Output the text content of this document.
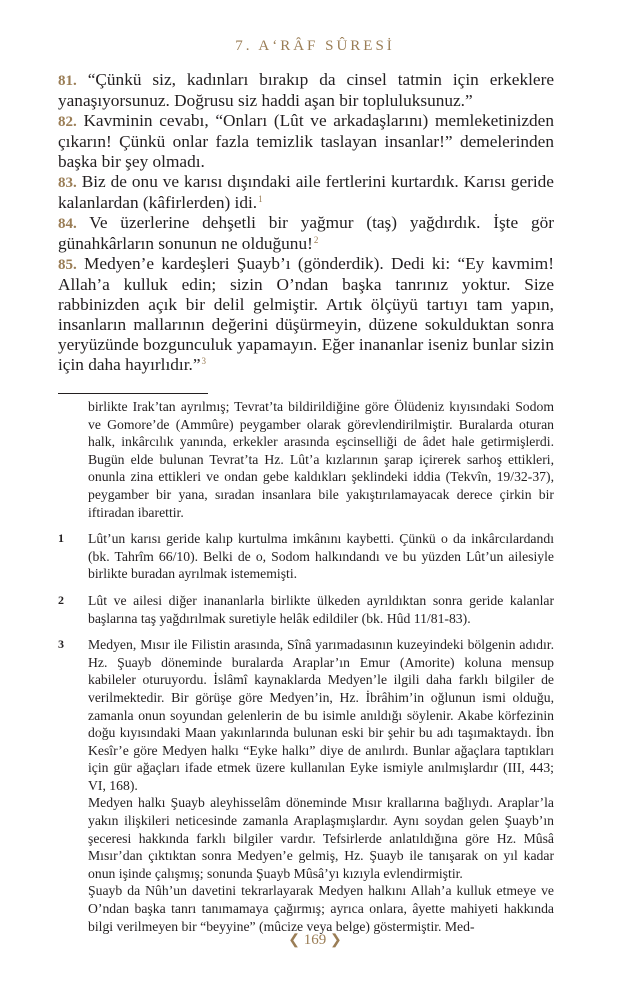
7. A‘RÂF SÛRESİ

81. “Çünkü siz, kadınları bırakıp da cinsel tatmin için erkeklere yanaşıyorsunuz. Doğrusu siz haddi aşan bir topluluksunuz.”

82. Kavminin cevabı, “Onları (Lût ve arkadaşlarını) memleketinizden çıkarın! Çünkü onlar fazla temizlik taslayan insanlar!” demelerinden başka bir şey olmadı.

83. Biz de onu ve karısı dışındaki aile fertlerini kurtardık. Karısı geride kalanlardan (kâfirlerden) idi.$^1$

84. Ve üzerlerine dehşetli bir yağmur (taş) yağdırdık. İşte gör günahkârların sonunun ne olduğunu!$^2$

85. Medyen’e kardeşleri Şuayb’ı (gönderdik). Dedi ki: “Ey kavmim! Allah’a kulluk edin; sizin O’ndan başka tanrınız yoktur. Size rabbinizden açık bir delil gelmiştir. Artık ölçüyü tartıyı tam yapın, insanların mallarının değerini düşürmeyin, düzene sokulduktan sonra yeryüzünde bozgunculuk yapamayın. Eğer inananlar iseniz bunlar sizin için daha hayırlıdır.”$^3$

birlikte Irak’tan ayrılmış; Tevrat’ta bildirildiğine göre Ölüdeniz kıyısındaki Sodom ve Gomore’de (Ammûre) peygamber olarak görevlendirilmiştir. Buralarda oturan halk, inkârcılık yanında, erkekler arasında eşcinselliği de âdet hale getirmişlerdi. Bugün elde bulunan Tevrat’ta Hz. Lût’a kızlarının şarap içirerek sarhoş ettikleri, onunla zina ettikleri ve ondan gebe kaldıkları şeklindeki iddia (Tekvîn, 19/32-37), peygamber bir yana, sıradan insanlara bile yakıştırılamayacak derece çirkin bir iftiradan ibarettir.
1	Lût’un karısı geride kalıp kurtulma imkânını kaybetti. Çünkü o da inkârcılardandı (bk. Tahrîm 66/10). Belki de o, Sodom halkındandı ve bu yüzden Lût’un ailesiyle birlikte buradan ayrılmak istememişti.
2	Lût ve ailesi diğer inananlarla birlikte ülkeden ayrıldıktan sonra geride kalanlar başlarına taş yağdırılmak suretiyle helâk edildiler (bk. Hûd 11/81-83).
3	Medyen, Mısır ile Filistin arasında, Sînâ yarımadasının kuzeyindeki bölgenin adıdır. Hz. Şuayb döneminde buralarda Araplar’ın Emur (Amorite) koluna mensup kabileler oturuyordu. İslâmî kaynaklarda Medyen’le ilgili daha farklı bilgiler de verilmektedir. Bir görüşe göre Medyen’in, Hz. İbrâhim’in oğlunun ismi olduğu, zamanla onun soyundan gelenlerin de bu isimle anıldığı söylenir. Akabe körfezinin doğu kıyısındaki Maan yakınlarında bulunan eski bir şehir bu adı taşımaktaydı. İbn Kesîr’e göre Medyen halkı “Eyke halkı” diye de anılırdı. Bunlar ağaçlara taptıkları için gür ağaçları ifade etmek üzere kullanılan Eyke ismiyle anılmışlardır (III, 443; VI, 168).
Medyen halkı Şuayb aleyhisselâm döneminde Mısır krallarına bağlıydı. Araplar’la yakın ilişkileri neticesinde zamanla Araplaşmışlardır. Aynı soydan gelen Şuayb’ın şeceresi hakkında farklı bilgiler vardır. Tefsirlerde anlatıldığına göre Hz. Mûsâ Mısır’dan çıktıktan sonra Medyen’e gelmiş, Hz. Şuayb ile tanışarak on yıl kadar onun işinde çalışmış; sonunda Şuayb Mûsâ’yı kızıyla evlendirmiştir.
Şuayb da Nûh’un davetini tekrarlayarak Medyen halkını Allah’a kulluk etmeye ve O’ndan başka tanrı tanımamaya çağırmış; ayrıca onlara, âyette mahiyeti hakkında bilgi verilmeyen bir “beyyine” (mûcize veya belge) göstermiştir. Med-
❮ 169 ❯
